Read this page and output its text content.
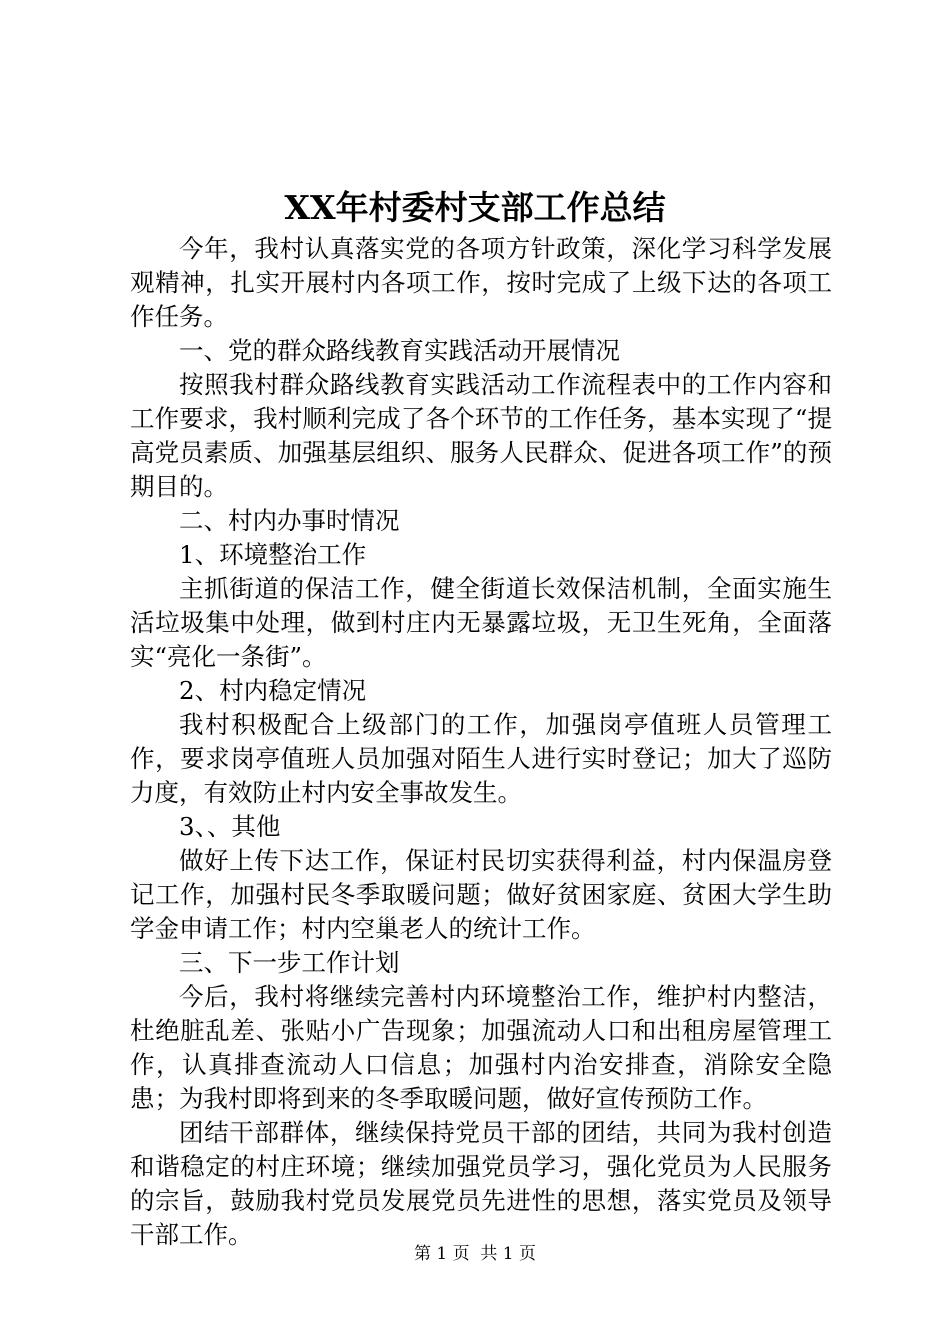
XX年村委村支部工作总结

今年，我村认真落实党的各项方针政策，深化学习科学发展观精神，扎实开展村内各项工作，按时完成了上级下达的各项工作任务。

一、党的群众路线教育实践活动开展情况

按照我村群众路线教育实践活动工作流程表中的工作内容和工作要求，我村顺利完成了各个环节的工作任务，基本实现了“提高党员素质、加强基层组织、服务人民群众、促进各项工作”的预期目的。

二、村内办事时情况

1、环境整治工作

主抓街道的保洁工作，健全街道长效保洁机制，全面实施生活垃圾集中处理，做到村庄内无暴露垃圾，无卫生死角，全面落实“亮化一条街”。

2、村内稳定情况

我村积极配合上级部门的工作，加强岗亭值班人员管理工作，要求岗亭值班人员加强对陌生人进行实时登记；加大了巡防力度，有效防止村内安全事故发生。

3、、其他

做好上传下达工作，保证村民切实获得利益，村内保温房登记工作，加强村民冬季取暖问题；做好贫困家庭、贫困大学生助学金申请工作；村内空巢老人的统计工作。

三、下一步工作计划

今后，我村将继续完善村内环境整治工作，维护村内整洁，杜绝脏乱差、张贴小广告现象；加强流动人口和出租房屋管理工作，认真排查流动人口信息；加强村内治安排查，消除安全隐患；为我村即将到来的冬季取暖问题，做好宣传预防工作。

团结干部群体，继续保持党员干部的团结，共同为我村创造和谐稳定的村庄环境；继续加强党员学习，强化党员为人民服务的宗旨，鼓励我村党员发展党员先进性的思想，落实党员及领导干部工作。

第 1 页 共 1 页
